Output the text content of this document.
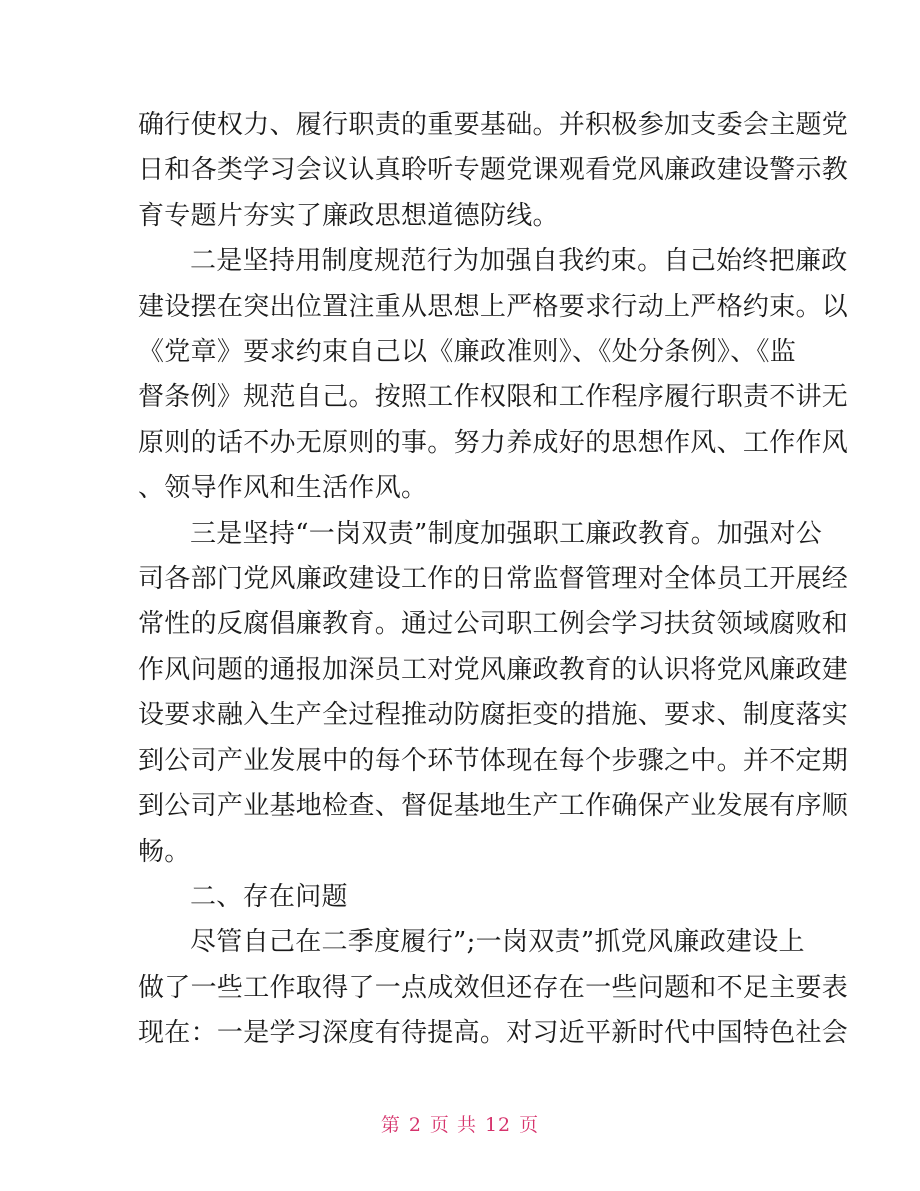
确行使权力、履行职责的重要基础。并积极参加支委会主题党
日和各类学习会议认真聆听专题党课观看党风廉政建设警示教
育专题片夯实了廉政思想道德防线。
二是坚持用制度规范行为加强自我约束。自己始终把廉政
建设摆在突出位置注重从思想上严格要求行动上严格约束。以
《党章》要求约束自己以《廉政准则》、《处分条例》、《监
督条例》规范自己。按照工作权限和工作程序履行职责不讲无
原则的话不办无原则的事。努力养成好的思想作风、工作作风
、领导作风和生活作风。
三是坚持“一岗双责”制度加强职工廉政教育。加强对公
司各部门党风廉政建设工作的日常监督管理对全体员工开展经
常性的反腐倡廉教育。通过公司职工例会学习扶贫领域腐败和
作风问题的通报加深员工对党风廉政教育的认识将党风廉政建
设要求融入生产全过程推动防腐拒变的措施、要求、制度落实
到公司产业发展中的每个环节体现在每个步骤之中。并不定期
到公司产业基地检查、督促基地生产工作确保产业发展有序顺
畅。
二、存在问题
尽管自己在二季度履行”;一岗双责”抓党风廉政建设上
做了一些工作取得了一点成效但还存在一些问题和不足主要表
现在：一是学习深度有待提高。对习近平新时代中国特色社会

第 2 页 共 12 页
